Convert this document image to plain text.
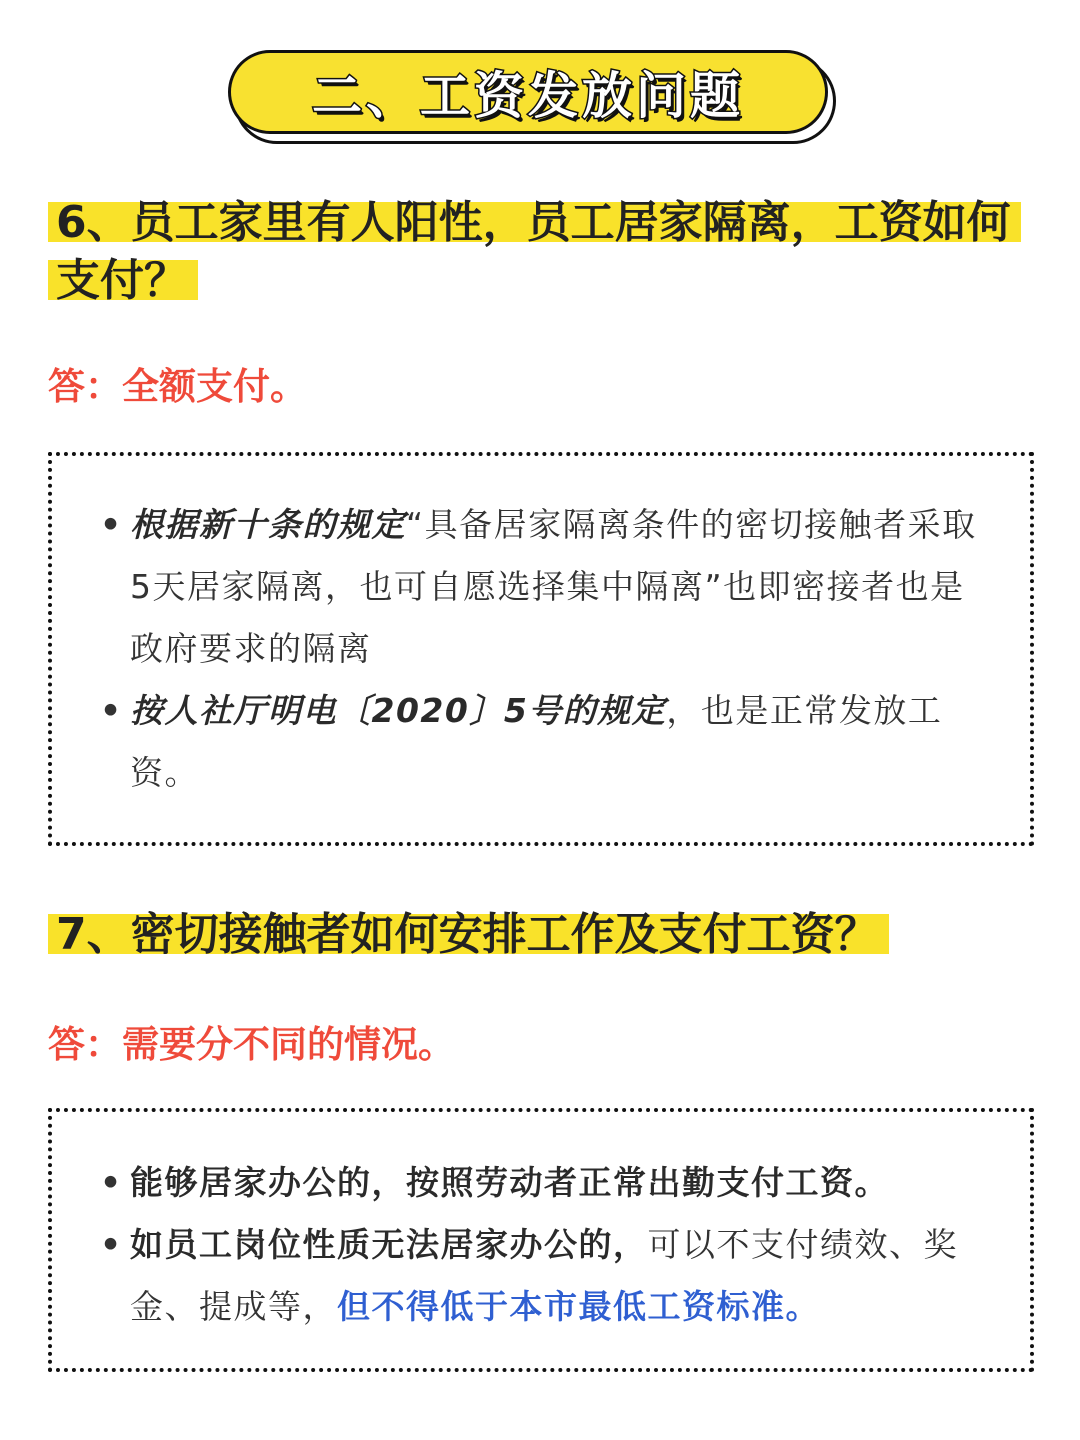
二、工资发放问题
6、员工家里有人阳性，员工居家隔离，工资如何支付？
答：全额支付。
• 根据新十条的规定“具备居家隔离条件的密切接触者采取5天居家隔离，也可自愿选择集中隔离”也即密接者也是政府要求的隔离
• 按人社厅明电〔2020〕5号的规定，也是正常发放工资。
7、密切接触者如何安排工作及支付工资？
答：需要分不同的情况。
• 能够居家办公的，按照劳动者正常出勤支付工资。
• 如员工岗位性质无法居家办公的，可以不支付绩效、奖金、提成等，但不得低于本市最低工资标准。
